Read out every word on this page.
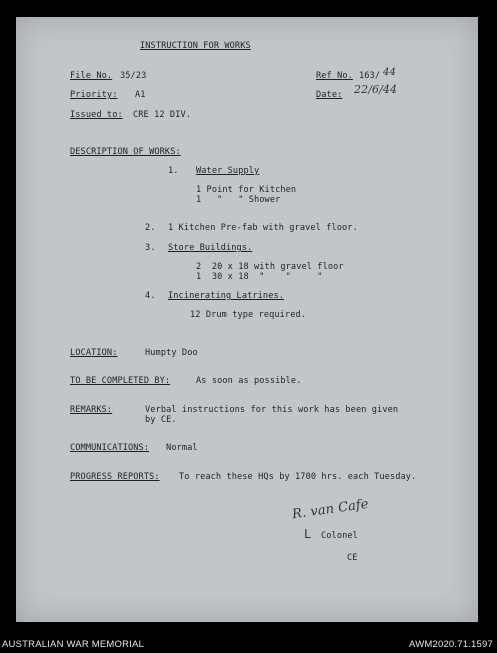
INSTRUCTION FOR WORKS
File No. 35/23	Ref No. 163/ 44
Priority: A1	Date: 22/6/44
Issued to: CRE 12 DIV.
DESCRIPTION OF WORKS:
1. Water Supply
1 Point for Kitchen
1   "   " Shower
2. 1 Kitchen Pre-fab with gravel floor.
3. Store Buildings.
2  20 x 18 with gravel floor
1  30 x 18  "    "     "
4. Incinerating Latrines.
12 Drum type required.
LOCATION:	Humpty Doo
TO BE COMPLETED BY:	As soon as possible.
REMARKS:	Verbal instructions for this work has been given
by CE.
COMMUNICATIONS: Normal
PROGRESS REPORTS: To reach these HQs by 1700 hrs. each Tuesday.
R. van Cafe
L Colonel
CE
AUSTRALIAN WAR MEMORIAL	AWM2020.71.1597
